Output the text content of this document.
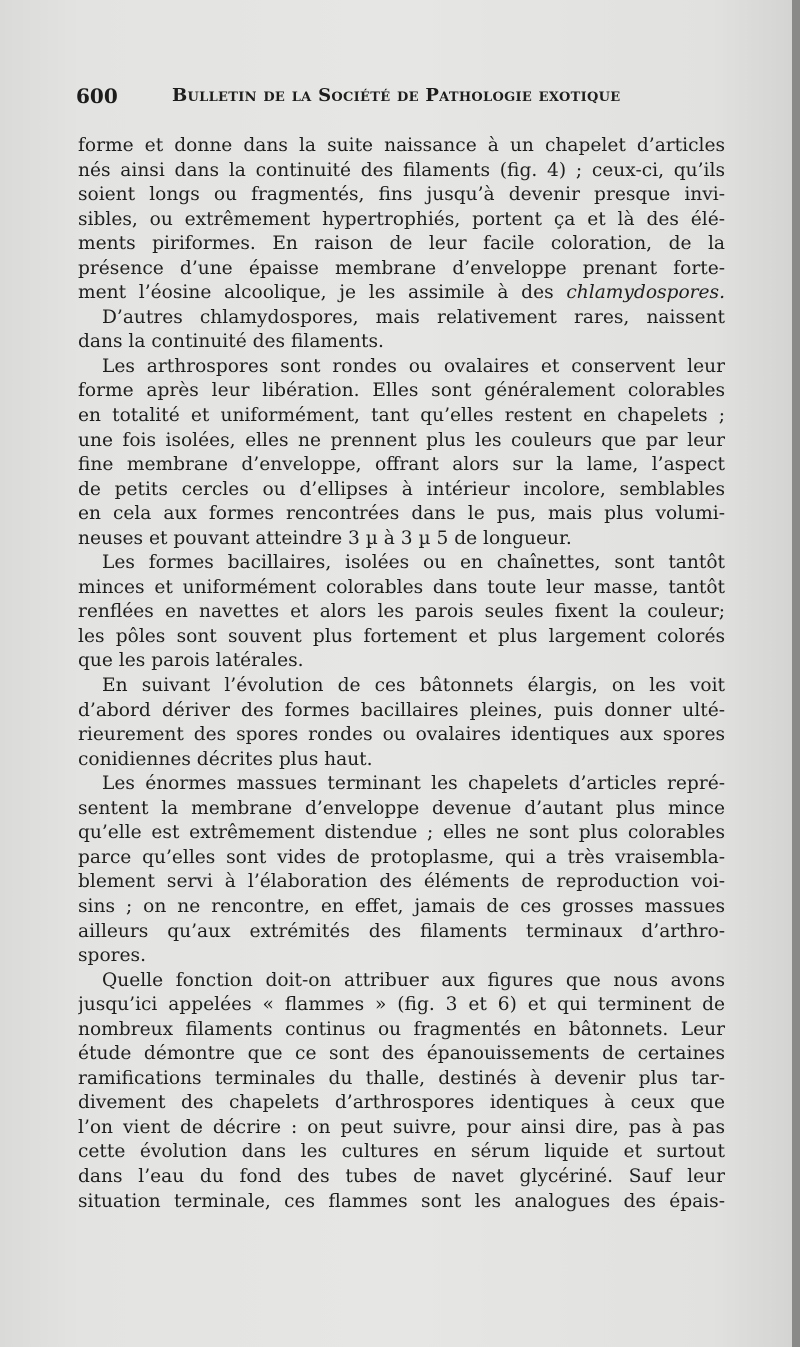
600	Bulletin de la Société de Pathologie exotique
forme et donne dans la suite naissance à un chapelet d’articles
nés ainsi dans la continuité des filaments (fig. 4) ; ceux-ci, qu’ils
soient longs ou fragmentés, fins jusqu’à devenir presque invi-
sibles, ou extrêmement hypertrophiés, portent ça et là des élé-
ments piriformes. En raison de leur facile coloration, de la
présence d’une épaisse membrane d’enveloppe prenant forte-
ment l’éosine alcoolique, je les assimile à des chlamydospores.
D’autres chlamydospores, mais relativement rares, naissent
dans la continuité des filaments.
Les arthrospores sont rondes ou ovalaires et conservent leur
forme après leur libération. Elles sont généralement colorables
en totalité et uniformément, tant qu’elles restent en chapelets ;
une fois isolées, elles ne prennent plus les couleurs que par leur
fine membrane d’enveloppe, offrant alors sur la lame, l’aspect
de petits cercles ou d’ellipses à intérieur incolore, semblables
en cela aux formes rencontrées dans le pus, mais plus volumi-
neuses et pouvant atteindre 3 µ à 3 µ 5 de longueur.
Les formes bacillaires, isolées ou en chaînettes, sont tantôt
minces et uniformément colorables dans toute leur masse, tantôt
renflées en navettes et alors les parois seules fixent la couleur;
les pôles sont souvent plus fortement et plus largement colorés
que les parois latérales.
En suivant l’évolution de ces bâtonnets élargis, on les voit
d’abord dériver des formes bacillaires pleines, puis donner ulté-
rieurement des spores rondes ou ovalaires identiques aux spores
conidiennes décrites plus haut.
Les énormes massues terminant les chapelets d’articles repré-
sentent la membrane d’enveloppe devenue d’autant plus mince
qu’elle est extrêmement distendue ; elles ne sont plus colorables
parce qu’elles sont vides de protoplasme, qui a très vraisembla-
blement servi à l’élaboration des éléments de reproduction voi-
sins ; on ne rencontre, en effet, jamais de ces grosses massues
ailleurs qu’aux extrémités des filaments terminaux d’arthro-
spores.
Quelle fonction doit-on attribuer aux figures que nous avons
jusqu’ici appelées « flammes » (fig. 3 et 6) et qui terminent de
nombreux filaments continus ou fragmentés en bâtonnets. Leur
étude démontre que ce sont des épanouissements de certaines
ramifications terminales du thalle, destinés à devenir plus tar-
divement des chapelets d’arthrospores identiques à ceux que
l’on vient de décrire : on peut suivre, pour ainsi dire, pas à pas
cette évolution dans les cultures en sérum liquide et surtout
dans l’eau du fond des tubes de navet glycériné. Sauf leur
situation terminale, ces flammes sont les analogues des épais-
